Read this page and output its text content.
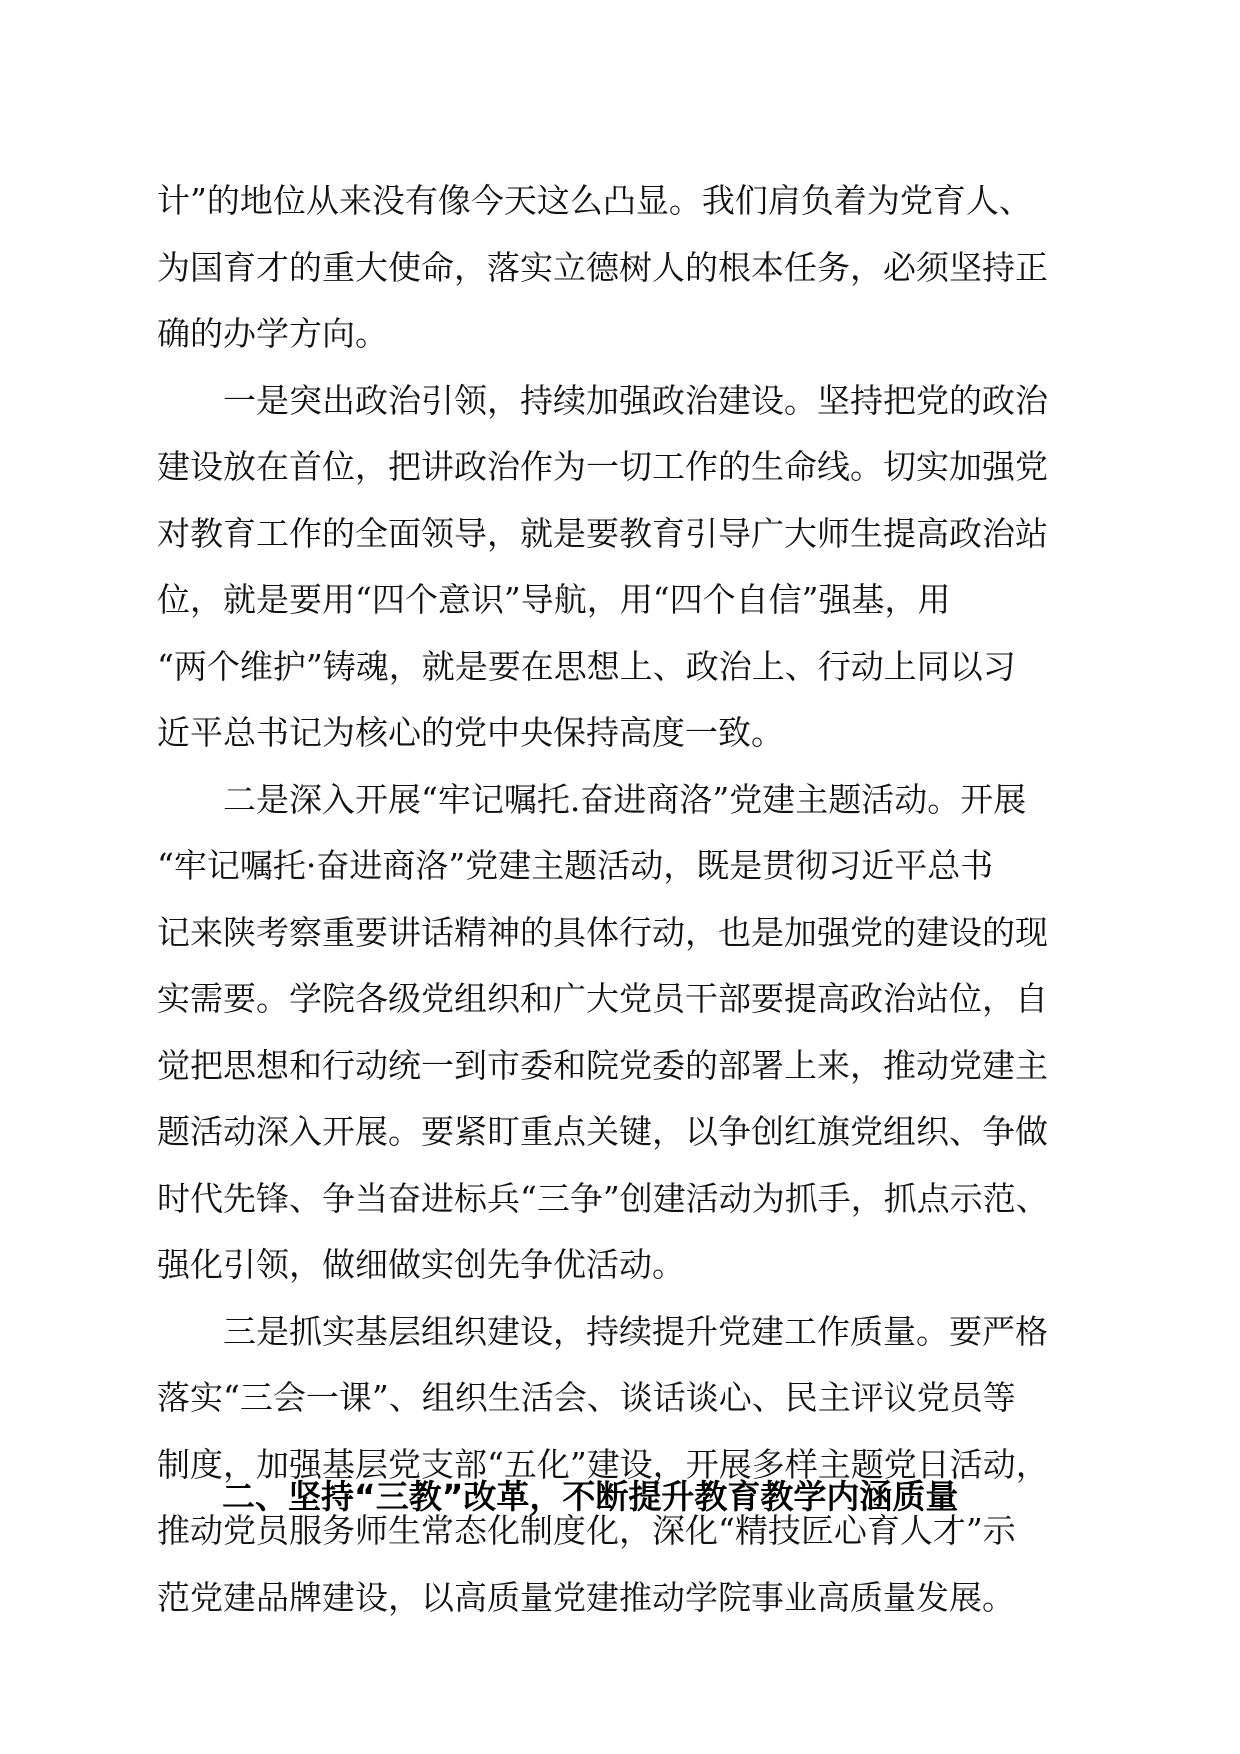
计”的地位从来没有像今天这么凸显。我们肩负着为党育人、
为国育才的重大使命，落实立德树人的根本任务，必须坚持正
确的办学方向。
一是突出政治引领，持续加强政治建设。坚持把党的政治
建设放在首位，把讲政治作为一切工作的生命线。切实加强党
对教育工作的全面领导，就是要教育引导广大师生提高政治站
位，就是要用“四个意识”导航，用“四个自信”强基，用
“两个维护”铸魂，就是要在思想上、政治上、行动上同以习
近平总书记为核心的党中央保持高度一致。
二是深入开展“牢记嘱托.奋进商洛”党建主题活动。开展
“牢记嘱托·奋进商洛”党建主题活动，既是贯彻习近平总书
记来陕考察重要讲话精神的具体行动，也是加强党的建设的现
实需要。学院各级党组织和广大党员干部要提高政治站位，自
觉把思想和行动统一到市委和院党委的部署上来，推动党建主
题活动深入开展。要紧盯重点关键，以争创红旗党组织、争做
时代先锋、争当奋进标兵“三争”创建活动为抓手，抓点示范、
强化引领，做细做实创先争优活动。
三是抓实基层组织建设，持续提升党建工作质量。要严格
落实“三会一课”、组织生活会、谈话谈心、民主评议党员等
制度，加强基层党支部“五化”建设，开展多样主题党日活动，
推动党员服务师生常态化制度化，深化“精技匠心育人才”示
范党建品牌建设，以高质量党建推动学院事业高质量发展。
二、坚持“三教”改革，不断提升教育教学内涵质量
